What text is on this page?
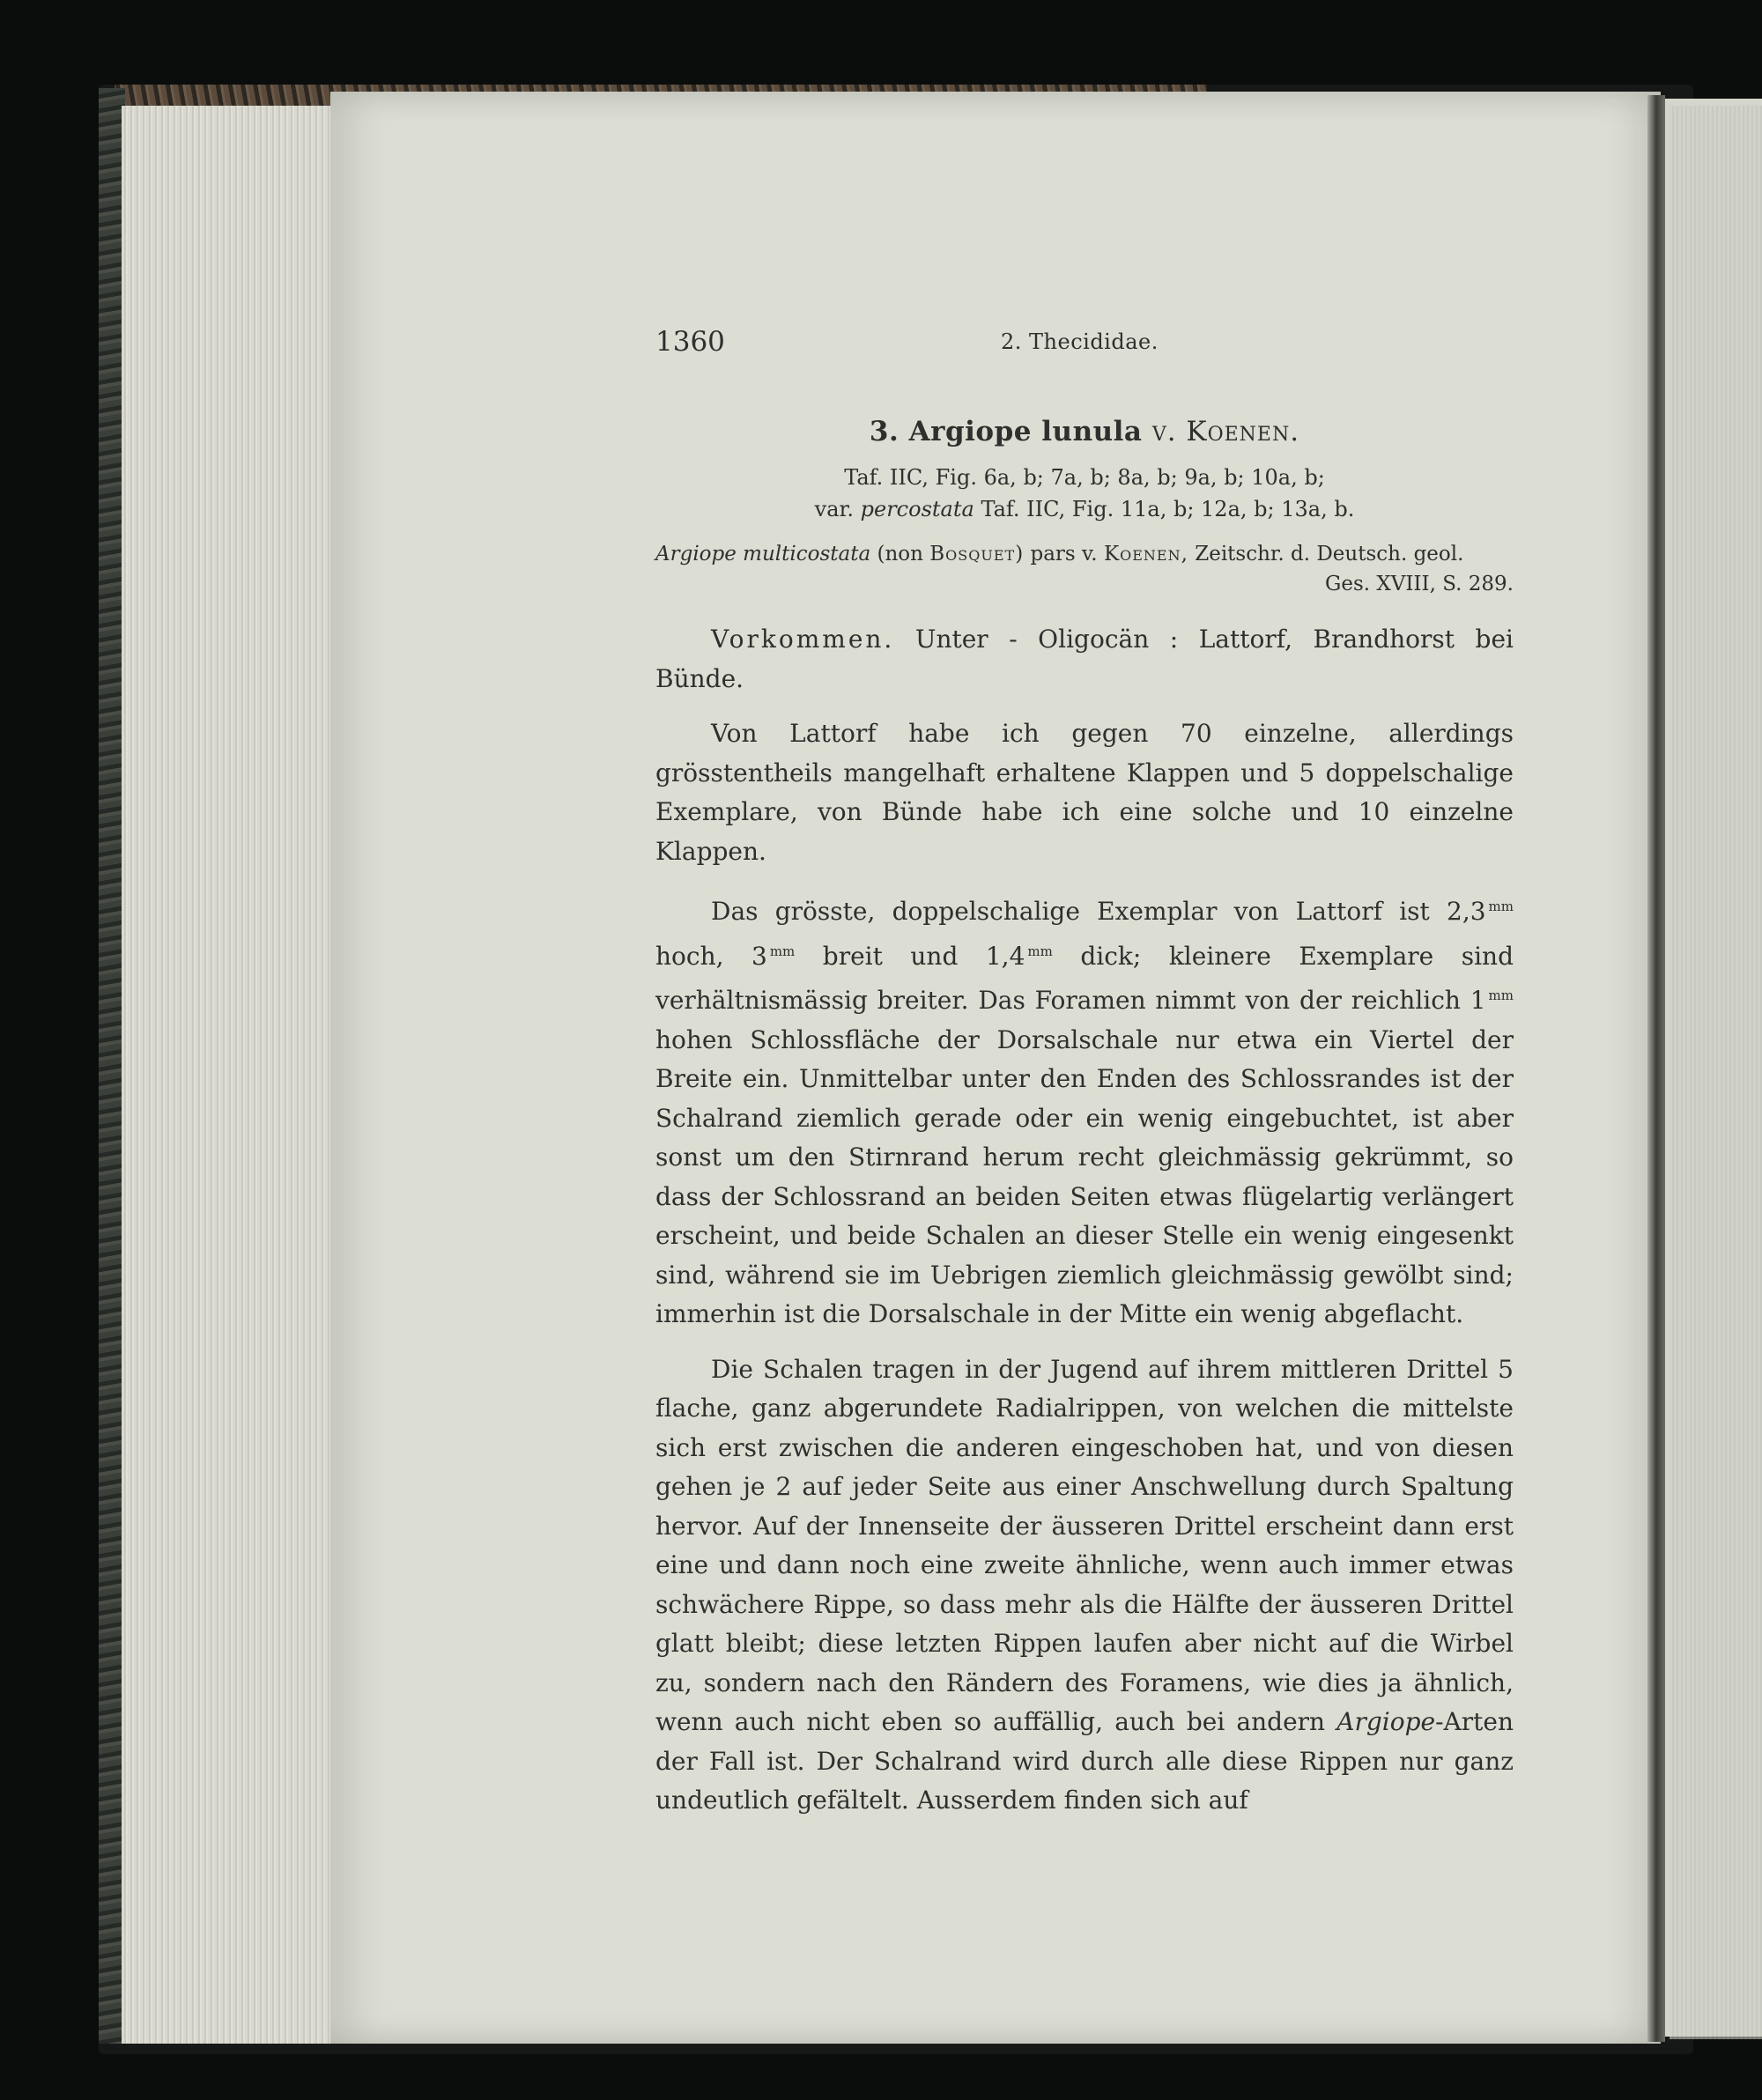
1360	2. Thecididae.
3. Argiope lunula v. Koenen.
Taf. IIC, Fig. 6a, b; 7a, b; 8a, b; 9a, b; 10a, b;
var. percostata Taf. IIC, Fig. 11a, b; 12a, b; 13a, b.
Argiope multicostata (non Bosquet) pars v. Koenen, Zeitschr. d. Deutsch. geol.
Ges. XVIII, S. 289.

Vorkommen. Unter - Oligocän : Lattorf, Brandhorst bei Bünde.

Von Lattorf habe ich gegen 70 einzelne, allerdings grösstentheils mangelhaft erhaltene Klappen und 5 doppelschalige Exemplare, von Bünde habe ich eine solche und 10 einzelne Klappen.

Das grösste, doppelschalige Exemplar von Lattorf ist 2,3 $^{mm}$ hoch, 3 $^{mm}$ breit und 1,4 $^{mm}$ dick; kleinere Exemplare sind verhältnismässig breiter. Das Foramen nimmt von der reichlich 1 $^{mm}$ hohen Schlossfläche der Dorsalschale nur etwa ein Viertel der Breite ein. Unmittelbar unter den Enden des Schlossrandes ist der Schalrand ziemlich gerade oder ein wenig eingebuchtet, ist aber sonst um den Stirnrand herum recht gleichmässig gekrümmt, so dass der Schlossrand an beiden Seiten etwas flügelartig verlängert erscheint, und beide Schalen an dieser Stelle ein wenig eingesenkt sind, während sie im Uebrigen ziemlich gleichmässig gewölbt sind; immerhin ist die Dorsalschale in der Mitte ein wenig abgeflacht.

Die Schalen tragen in der Jugend auf ihrem mittleren Drittel 5 flache, ganz abgerundete Radialrippen, von welchen die mittelste sich erst zwischen die anderen eingeschoben hat, und von diesen gehen je 2 auf jeder Seite aus einer Anschwellung durch Spaltung hervor. Auf der Innenseite der äusseren Drittel erscheint dann erst eine und dann noch eine zweite ähnliche, wenn auch immer etwas schwächere Rippe, so dass mehr als die Hälfte der äusseren Drittel glatt bleibt; diese letzten Rippen laufen aber nicht auf die Wirbel zu, sondern nach den Rändern des Foramens, wie dies ja ähnlich, wenn auch nicht eben so auffällig, auch bei andern Argiope-Arten der Fall ist. Der Schalrand wird durch alle diese Rippen nur ganz undeutlich gefältelt. Ausserdem finden sich auf
